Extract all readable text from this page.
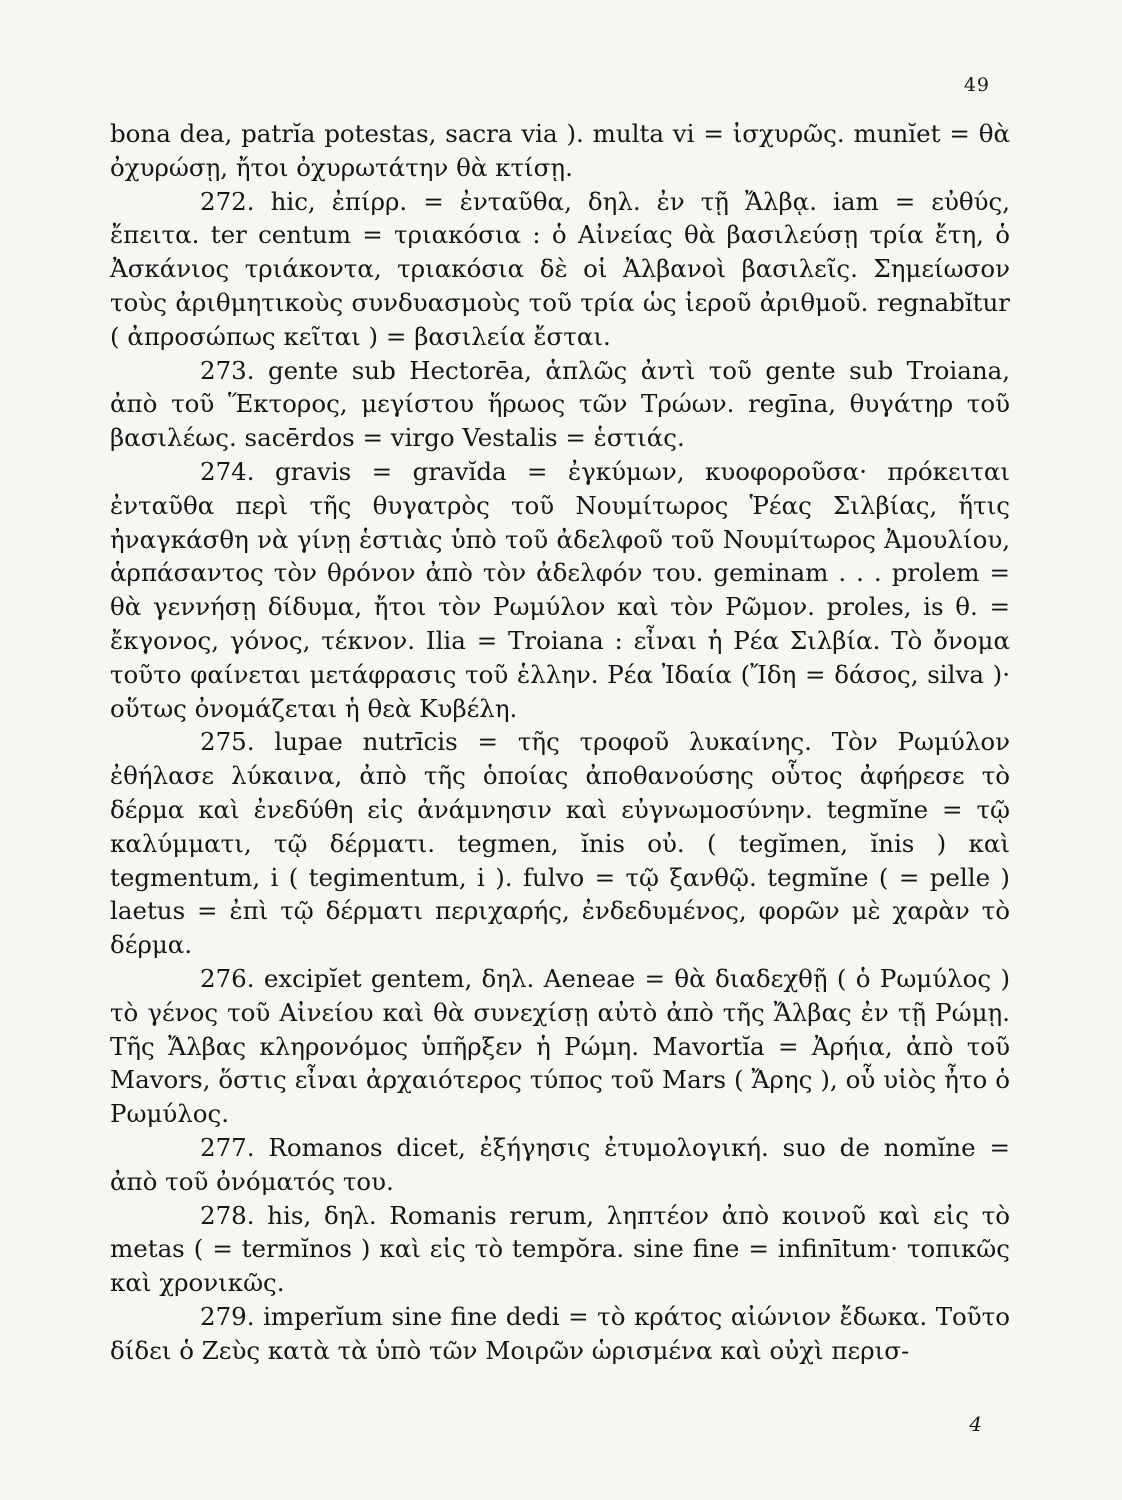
49

bona dea, patrĭa potestas, sacra via ). multa vi = ἰσχυρῶς. munĭet = θὰ ὀχυρώσῃ, ἤτοι ὀχυρωτάτην θὰ κτίσῃ.

272. hic, ἐπίρρ. = ἐνταῦθα, δηλ. ἐν τῇ Ἄλβᾳ. iam = εὐθύς, ἔπειτα. ter centum = τριακόσια : ὁ Αἰνείας θὰ βασιλεύσῃ τρία ἔτη, ὁ Ἀσκάνιος τριάκοντα, τριακόσια δὲ οἱ Ἀλβανοὶ βασιλεῖς. Σημείωσον τοὺς ἀριθμητικοὺς συνδυασμοὺς τοῦ τρία ὡς ἱεροῦ ἀριθμοῦ. regnabĭtur ( ἀπροσώπως κεῖται ) = βασιλεία ἔσται.

273. gente sub Hectorēa, ἁπλῶς ἀντὶ τοῦ gente sub Troiana, ἀπὸ τοῦ Ἕκτορος, μεγίστου ἥρωος τῶν Τρώων. regīna, θυγάτηρ τοῦ βασιλέως. sacērdos = virgo Vestalis = ἑστιάς.

274. gravis = gravĭda = ἐγκύμων, κυοφοροῦσα· πρόκειται ἐνταῦθα περὶ τῆς θυγατρὸς τοῦ Νουμίτωρος Ῥέας Σιλβίας, ἥτις ἠναγκάσθη νὰ γίνῃ ἑστιὰς ὑπὸ τοῦ ἀδελφοῦ τοῦ Νουμίτωρος Ἀμουλίου, ἁρπάσαντος τὸν θρόνον ἀπὸ τὸν ἀδελφόν του. geminam . . . prolem = θὰ γεννήσῃ δίδυμα, ἤτοι τὸν Ρωμύλον καὶ τὸν Ρῶμον. proles, is θ. = ἔκγονος, γόνος, τέκνον. Ilia = Troiana : εἶναι ἡ Ρέα Σιλβία. Τὸ ὄνομα τοῦτο φαίνεται μετάφρασις τοῦ ἑλλην. Ρέα Ἰδαία (Ἴδη = δάσος, silva )· οὕτως ὀνομάζεται ἡ θεὰ Κυβέλη.

275. lupae nutrīcis = τῆς τροφοῦ λυκαίνης. Τὸν Ρωμύλον ἐθήλασε λύκαινα, ἀπὸ τῆς ὁποίας ἀποθανούσης οὗτος ἀφήρεσε τὸ δέρμα καὶ ἐνεδύθη εἰς ἀνάμνησιν καὶ εὐγνωμοσύνην. tegmĭne = τῷ καλύμματι, τῷ δέρματι. tegmen, ĭnis οὐ. ( tegĭmen, ĭnis ) καὶ tegmentum, i ( tegimentum, i ). fulvo = τῷ ξανθῷ. tegmĭne ( = pelle ) laetus = ἐπὶ τῷ δέρματι περιχαρής, ἐνδεδυμένος, φορῶν μὲ χαρὰν τὸ δέρμα.

276. excipĭet gentem, δηλ. Aeneae = θὰ διαδεχθῇ ( ὁ Ρωμύλος ) τὸ γένος τοῦ Αἰνείου καὶ θὰ συνεχίσῃ αὐτὸ ἀπὸ τῆς Ἄλβας ἐν τῇ Ρώμῃ. Τῆς Ἄλβας κληρονόμος ὑπῆρξεν ἡ Ρώμη. Mavortĭa = Ἀρήια, ἀπὸ τοῦ Mavors, ὅστις εἶναι ἀρχαιότερος τύπος τοῦ Mars ( Ἄρης ), οὗ υἱὸς ἦτο ὁ Ρωμύλος.

277. Romanos dicet, ἐξήγησις ἐτυμολογική. suo de nomĭne = ἀπὸ τοῦ ὀνόματός του.

278. his, δηλ. Romanis rerum, ληπτέον ἀπὸ κοινοῦ καὶ εἰς τὸ metas ( = termĭnos ) καὶ εἰς τὸ tempŏra. sine fine = infinītum· τοπικῶς καὶ χρονικῶς.

279. imperĭum sine fine dedi = τὸ κράτος αἰώνιον ἔδωκα. Τοῦτο δίδει ὁ Ζεὺς κατὰ τὰ ὑπὸ τῶν Μοιρῶν ὡρισμένα καὶ οὐχὶ περισ-

4
